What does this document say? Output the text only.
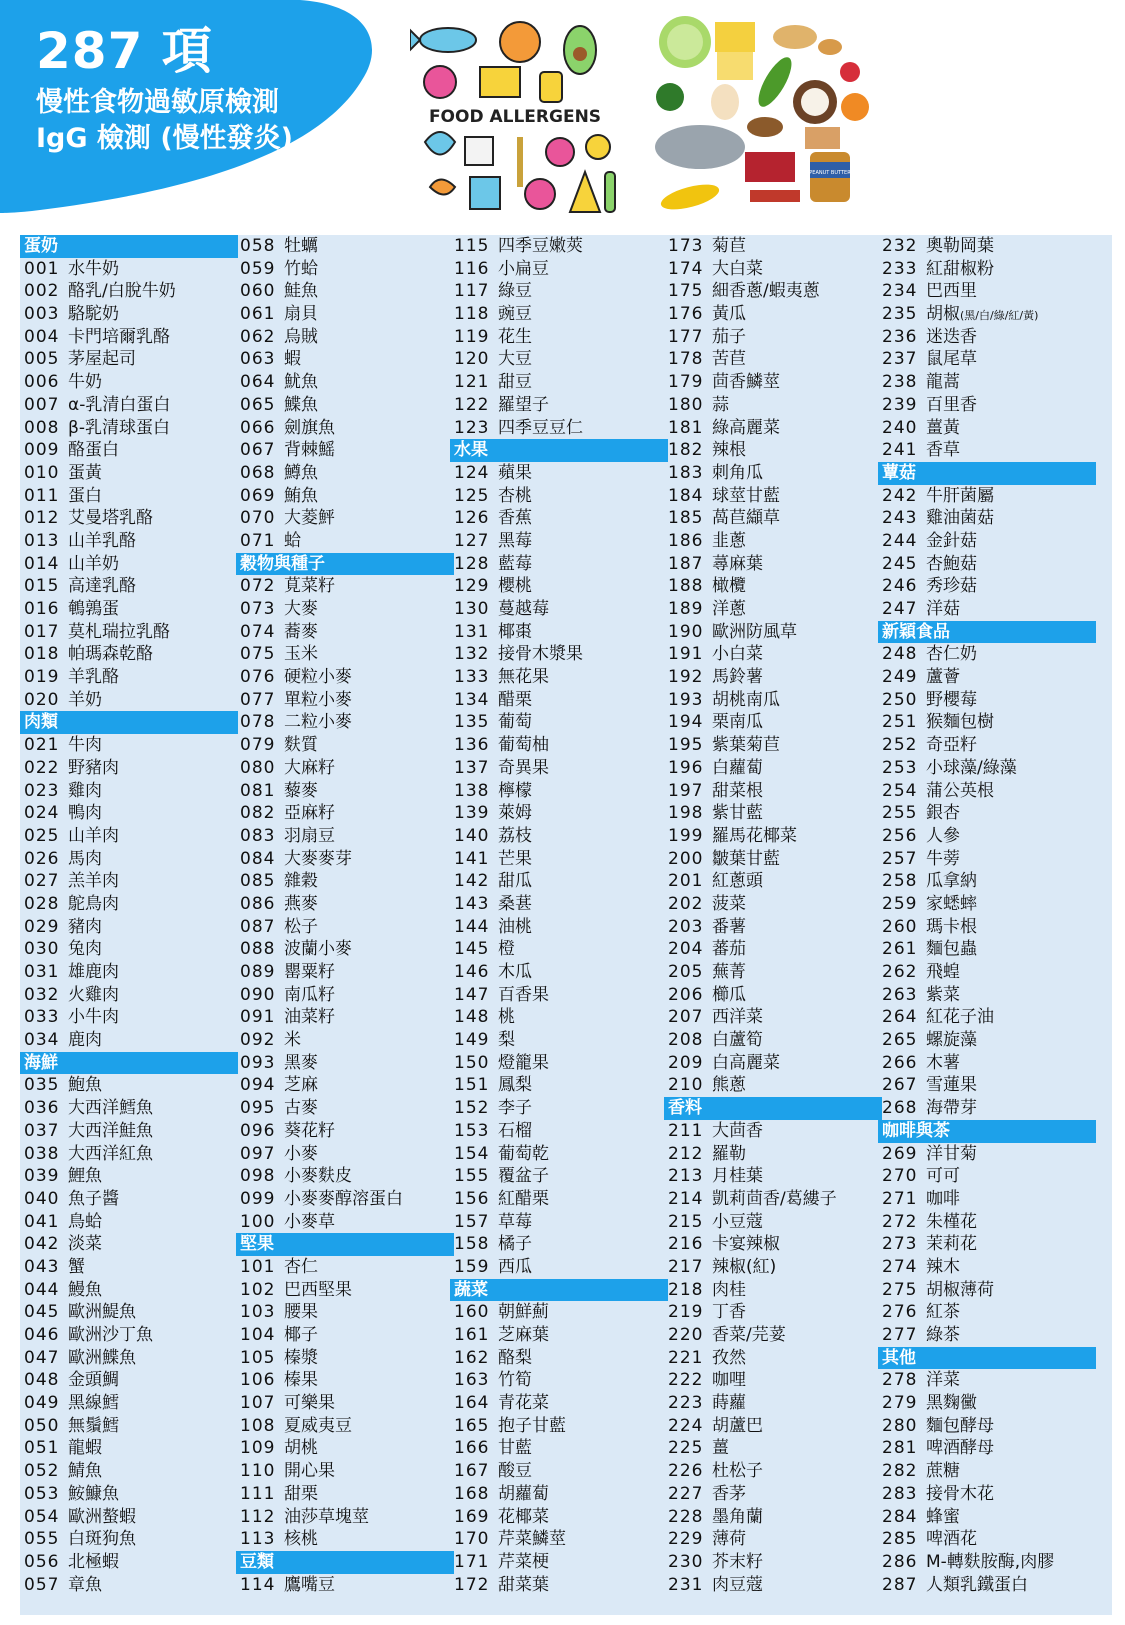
287 項
慢性食物過敏原檢測
IgG 檢測 (慢性發炎)
FOOD ALLERGENS
PEANUT BUTTER
蛋奶
001 水牛奶
002 酪乳/白脫牛奶
003 駱駝奶
004 卡門培爾乳酪
005 茅屋起司
006 牛奶
007 α-乳清白蛋白
008 β-乳清球蛋白
009 酪蛋白
010 蛋黃
011 蛋白
012 艾曼塔乳酪
013 山羊乳酪
014 山羊奶
015 高達乳酪
016 鵪鶉蛋
017 莫札瑞拉乳酪
018 帕瑪森乾酪
019 羊乳酪
020 羊奶
肉類
021 牛肉
022 野豬肉
023 雞肉
024 鴨肉
025 山羊肉
026 馬肉
027 羔羊肉
028 鴕鳥肉
029 豬肉
030 兔肉
031 雄鹿肉
032 火雞肉
033 小牛肉
034 鹿肉
海鮮
035 鮑魚
036 大西洋鱈魚
037 大西洋鮭魚
038 大西洋紅魚
039 鯉魚
040 魚子醬
041 鳥蛤
042 淡菜
043 蟹
044 鰻魚
045 歐洲鯷魚
046 歐洲沙丁魚
047 歐洲鰈魚
048 金頭鯛
049 黑線鱈
050 無鬚鱈
051 龍蝦
052 鯖魚
053 鮟鱇魚
054 歐洲螯蝦
055 白斑狗魚
056 北極蝦
057 章魚
058 牡蠣
059 竹蛤
060 鮭魚
061 扇貝
062 烏賊
063 蝦
064 魷魚
065 鰈魚
066 劍旗魚
067 背棘鰩
068 鱒魚
069 鮪魚
070 大菱鮃
071 蛤
穀物與種子
072 莧菜籽
073 大麥
074 蕎麥
075 玉米
076 硬粒小麥
077 單粒小麥
078 二粒小麥
079 麩質
080 大麻籽
081 藜麥
082 亞麻籽
083 羽扇豆
084 大麥麥芽
085 雜穀
086 燕麥
087 松子
088 波蘭小麥
089 罌粟籽
090 南瓜籽
091 油菜籽
092 米
093 黑麥
094 芝麻
095 古麥
096 葵花籽
097 小麥
098 小麥麩皮
099 小麥麥醇溶蛋白
100 小麥草
堅果
101 杏仁
102 巴西堅果
103 腰果
104 椰子
105 榛漿
106 榛果
107 可樂果
108 夏威夷豆
109 胡桃
110 開心果
111 甜栗
112 油莎草塊莖
113 核桃
豆類
114 鷹嘴豆
115 四季豆嫩莢
116 小扁豆
117 綠豆
118 豌豆
119 花生
120 大豆
121 甜豆
122 羅望子
123 四季豆豆仁
水果
124 蘋果
125 杏桃
126 香蕉
127 黑莓
128 藍莓
129 櫻桃
130 蔓越莓
131 椰棗
132 接骨木漿果
133 無花果
134 醋栗
135 葡萄
136 葡萄柚
137 奇異果
138 檸檬
139 萊姆
140 荔枝
141 芒果
142 甜瓜
143 桑葚
144 油桃
145 橙
146 木瓜
147 百香果
148 桃
149 梨
150 燈籠果
151 鳳梨
152 李子
153 石榴
154 葡萄乾
155 覆盆子
156 紅醋栗
157 草莓
158 橘子
159 西瓜
蔬菜
160 朝鮮薊
161 芝麻葉
162 酪梨
163 竹筍
164 青花菜
165 抱子甘藍
166 甘藍
167 酸豆
168 胡蘿蔔
169 花椰菜
170 芹菜鱗莖
171 芹菜梗
172 甜菜葉
173 菊苣
174 大白菜
175 細香蔥/蝦夷蔥
176 黃瓜
177 茄子
178 苦苣
179 茴香鱗莖
180 蒜
181 綠高麗菜
182 辣根
183 刺角瓜
184 球莖甘藍
185 萵苣纈草
186 韭蔥
187 蕁麻葉
188 橄欖
189 洋蔥
190 歐洲防風草
191 小白菜
192 馬鈴薯
193 胡桃南瓜
194 栗南瓜
195 紫葉菊苣
196 白蘿蔔
197 甜菜根
198 紫甘藍
199 羅馬花椰菜
200 皺葉甘藍
201 紅蔥頭
202 菠菜
203 番薯
204 蕃茄
205 蕪菁
206 櫛瓜
207 西洋菜
208 白蘆筍
209 白高麗菜
210 熊蔥
香料
211 大茴香
212 羅勒
213 月桂葉
214 凱莉茴香/葛縷子
215 小豆蔻
216 卡宴辣椒
217 辣椒(紅)
218 肉桂
219 丁香
220 香菜/芫荽
221 孜然
222 咖哩
223 蒔蘿
224 胡蘆巴
225 薑
226 杜松子
227 香茅
228 墨角蘭
229 薄荷
230 芥末籽
231 肉豆蔻
232 奧勒岡葉
233 紅甜椒粉
234 巴西里
235 胡椒(黑/白/綠/紅/黃)
236 迷迭香
237 鼠尾草
238 龍蒿
239 百里香
240 薑黃
241 香草
蕈菇
242 牛肝菌屬
243 雞油菌菇
244 金針菇
245 杏鮑菇
246 秀珍菇
247 洋菇
新穎食品
248 杏仁奶
249 蘆薈
250 野櫻莓
251 猴麵包樹
252 奇亞籽
253 小球藻/綠藻
254 蒲公英根
255 銀杏
256 人參
257 牛蒡
258 瓜拿納
259 家蟋蟀
260 瑪卡根
261 麵包蟲
262 飛蝗
263 紫菜
264 紅花子油
265 螺旋藻
266 木薯
267 雪蓮果
268 海帶芽
咖啡與茶
269 洋甘菊
270 可可
271 咖啡
272 朱槿花
273 茉莉花
274 辣木
275 胡椒薄荷
276 紅茶
277 綠茶
其他
278 洋菜
279 黑麴黴
280 麵包酵母
281 啤酒酵母
282 蔗糖
283 接骨木花
284 蜂蜜
285 啤酒花
286 M-轉麩胺酶,肉膠
287 人類乳鐵蛋白
